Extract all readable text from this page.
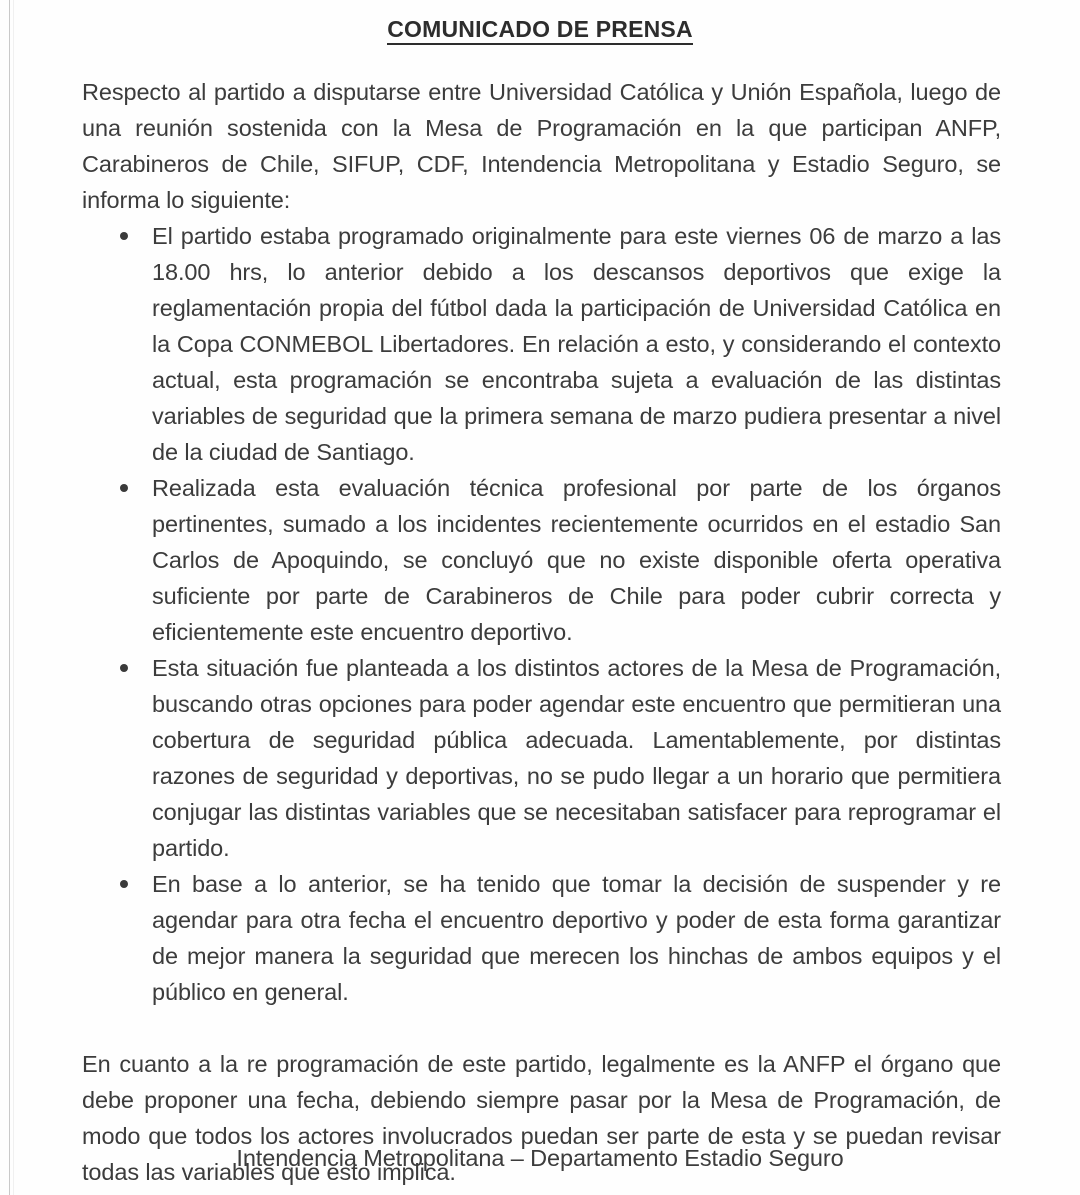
COMUNICADO DE PRENSA

Respecto al partido a disputarse entre Universidad Católica y Unión Española, luego de una reunión sostenida con la Mesa de Programación en la que participan ANFP, Carabineros de Chile, SIFUP, CDF, Intendencia Metropolitana y Estadio Seguro, se informa lo siguiente:

El partido estaba programado originalmente para este viernes 06 de marzo a las 18.00 hrs, lo anterior debido a los descansos deportivos que exige la reglamentación propia del fútbol dada la participación de Universidad Católica en la Copa CONMEBOL Libertadores. En relación a esto, y considerando el contexto actual, esta programación se encontraba sujeta a evaluación de las distintas variables de seguridad que la primera semana de marzo pudiera presentar a nivel de la ciudad de Santiago.
Realizada esta evaluación técnica profesional por parte de los órganos pertinentes, sumado a los incidentes recientemente ocurridos en el estadio San Carlos de Apoquindo, se concluyó que no existe disponible oferta operativa suficiente por parte de Carabineros de Chile para poder cubrir correcta y eficientemente este encuentro deportivo.
Esta situación fue planteada a los distintos actores de la Mesa de Programación, buscando otras opciones para poder agendar este encuentro que permitieran una cobertura de seguridad pública adecuada. Lamentablemente, por distintas razones de seguridad y deportivas, no se pudo llegar a un horario que permitiera conjugar las distintas variables que se necesitaban satisfacer para reprogramar el partido.
En base a lo anterior, se ha tenido que tomar la decisión de suspender y re agendar para otra fecha el encuentro deportivo y poder de esta forma garantizar de mejor manera la seguridad que merecen los hinchas de ambos equipos y el público en general.

En cuanto a la re programación de este partido, legalmente es la ANFP el órgano que debe proponer una fecha, debiendo siempre pasar por la Mesa de Programación, de modo que todos los actores involucrados puedan ser parte de esta y se puedan revisar todas las variables que esto implica.

Intendencia Metropolitana – Departamento Estadio Seguro
